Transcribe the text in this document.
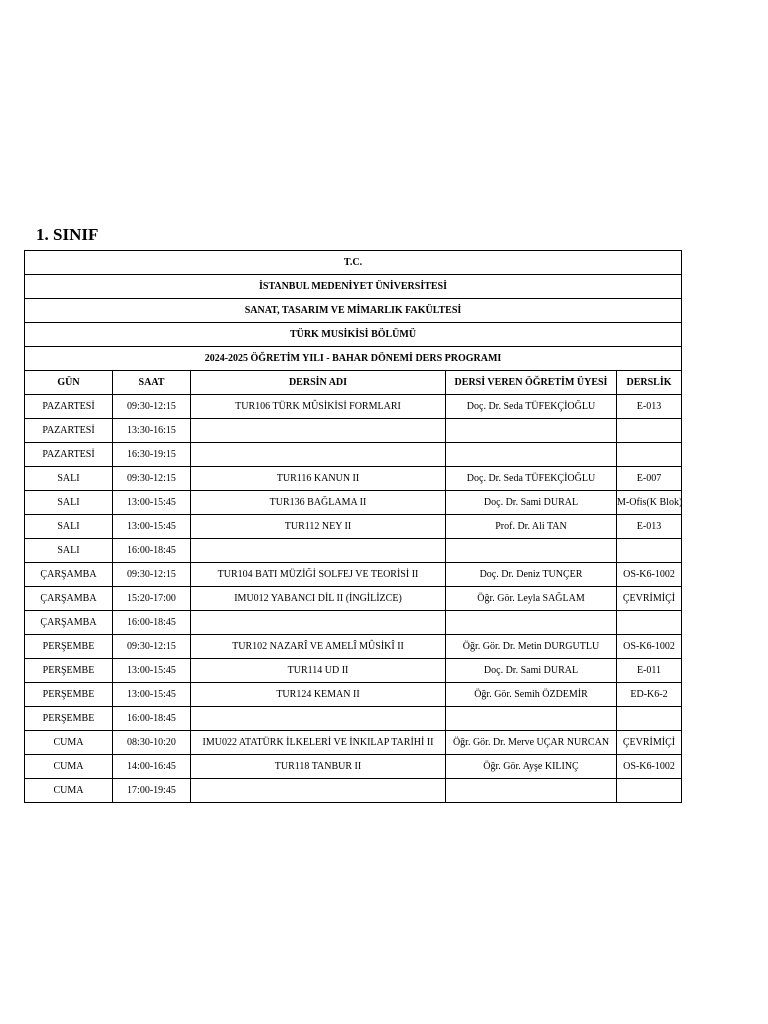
1. SINIF
T.C.				
İSTANBUL MEDENİYET ÜNİVERSİTESİ				
SANAT, TASARIM VE MİMARLIK FAKÜLTESİ				
TÜRK MUSİKİSİ BÖLÜMÜ				
2024-2025 ÖĞRETİM YILI - BAHAR DÖNEMİ DERS PROGRAMI				
GÜN	SAAT	DERSİN ADI	DERSİ VEREN ÖĞRETİM ÜYESİ	DERSLİK
PAZARTESİ	09:30-12:15	TUR106 TÜRK MÛSİKİSİ FORMLARI	Doç. Dr. Seda TÜFEKÇİOĞLU	E-013
PAZARTESİ	13:30-16:15			
PAZARTESİ	16:30-19:15			
SALI	09:30-12:15	TUR116 KANUN II	Doç. Dr. Seda TÜFEKÇİOĞLU	E-007
SALI	13:00-15:45	TUR136 BAĞLAMA II	Doç. Dr. Sami DURAL	M-Ofis(K Blok)
SALI	13:00-15:45	TUR112 NEY II	Prof. Dr. Ali TAN	E-013
SALI	16:00-18:45			
ÇARŞAMBA	09:30-12:15	TUR104 BATI MÜZİĞİ SOLFEJ VE TEORİSİ II	Doç. Dr. Deniz TUNÇER	OS-K6-1002
ÇARŞAMBA	15:20-17:00	IMU012 YABANCI DİL II (İNGİLİZCE)	Öğr. Gör. Leyla SAĞLAM	ÇEVRİMİÇİ
ÇARŞAMBA	16:00-18:45			
PERŞEMBE	09:30-12:15	TUR102 NAZARÎ VE AMELÎ MÛSİKÎ II	Öğr. Gör. Dr. Metin DURGUTLU	OS-K6-1002
PERŞEMBE	13:00-15:45	TUR114 UD II	Doç. Dr. Sami DURAL	E-011
PERŞEMBE	13:00-15:45	TUR124 KEMAN II	Öğr. Gör. Semih ÖZDEMİR	ED-K6-2
PERŞEMBE	16:00-18:45			
CUMA	08:30-10:20	IMU022 ATATÜRK İLKELERİ VE İNKILAP TARİHİ II	Öğr. Gör. Dr. Merve UÇAR NURCAN	ÇEVRİMİÇİ
CUMA	14:00-16:45	TUR118 TANBUR II	Öğr. Gör. Ayşe KILINÇ	OS-K6-1002
CUMA	17:00-19:45			
